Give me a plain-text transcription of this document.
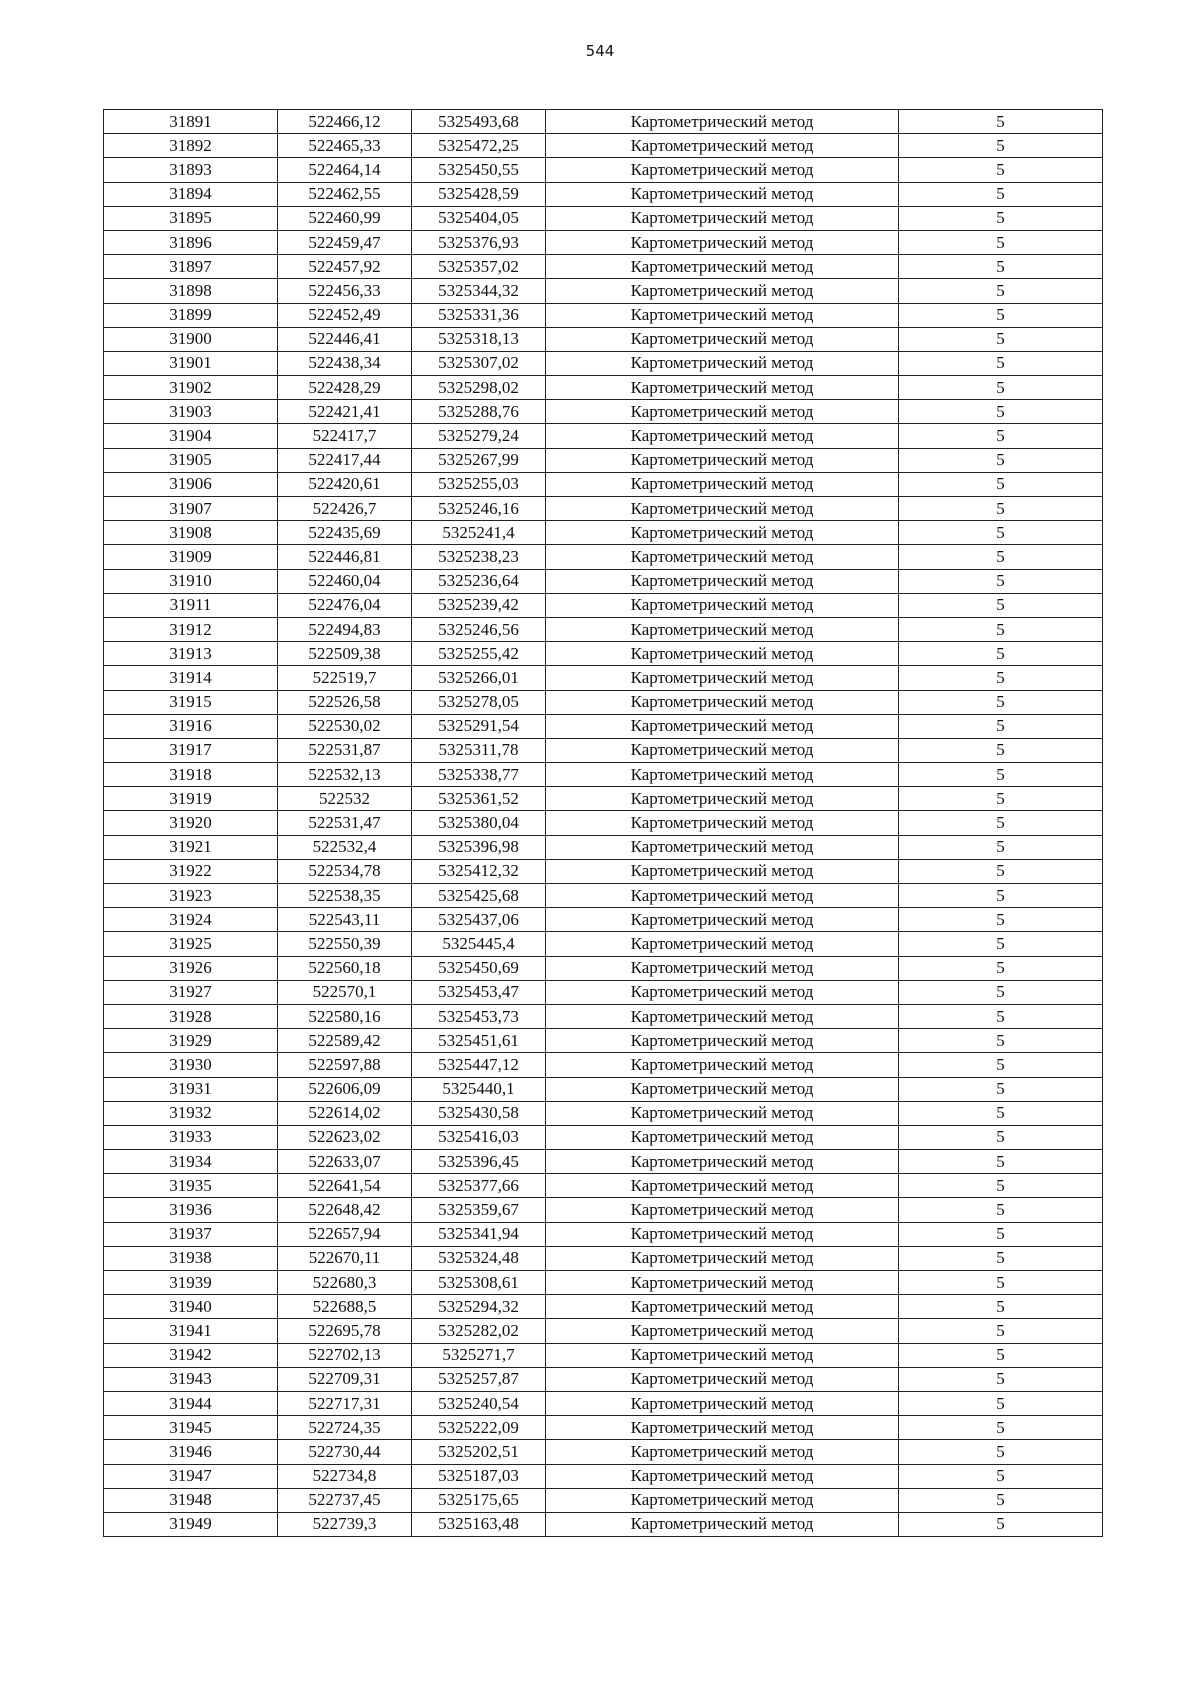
544
31891	522466,12	5325493,68	Картометрический метод	5
31892	522465,33	5325472,25	Картометрический метод	5
31893	522464,14	5325450,55	Картометрический метод	5
31894	522462,55	5325428,59	Картометрический метод	5
31895	522460,99	5325404,05	Картометрический метод	5
31896	522459,47	5325376,93	Картометрический метод	5
31897	522457,92	5325357,02	Картометрический метод	5
31898	522456,33	5325344,32	Картометрический метод	5
31899	522452,49	5325331,36	Картометрический метод	5
31900	522446,41	5325318,13	Картометрический метод	5
31901	522438,34	5325307,02	Картометрический метод	5
31902	522428,29	5325298,02	Картометрический метод	5
31903	522421,41	5325288,76	Картометрический метод	5
31904	522417,7	5325279,24	Картометрический метод	5
31905	522417,44	5325267,99	Картометрический метод	5
31906	522420,61	5325255,03	Картометрический метод	5
31907	522426,7	5325246,16	Картометрический метод	5
31908	522435,69	5325241,4	Картометрический метод	5
31909	522446,81	5325238,23	Картометрический метод	5
31910	522460,04	5325236,64	Картометрический метод	5
31911	522476,04	5325239,42	Картометрический метод	5
31912	522494,83	5325246,56	Картометрический метод	5
31913	522509,38	5325255,42	Картометрический метод	5
31914	522519,7	5325266,01	Картометрический метод	5
31915	522526,58	5325278,05	Картометрический метод	5
31916	522530,02	5325291,54	Картометрический метод	5
31917	522531,87	5325311,78	Картометрический метод	5
31918	522532,13	5325338,77	Картометрический метод	5
31919	522532	5325361,52	Картометрический метод	5
31920	522531,47	5325380,04	Картометрический метод	5
31921	522532,4	5325396,98	Картометрический метод	5
31922	522534,78	5325412,32	Картометрический метод	5
31923	522538,35	5325425,68	Картометрический метод	5
31924	522543,11	5325437,06	Картометрический метод	5
31925	522550,39	5325445,4	Картометрический метод	5
31926	522560,18	5325450,69	Картометрический метод	5
31927	522570,1	5325453,47	Картометрический метод	5
31928	522580,16	5325453,73	Картометрический метод	5
31929	522589,42	5325451,61	Картометрический метод	5
31930	522597,88	5325447,12	Картометрический метод	5
31931	522606,09	5325440,1	Картометрический метод	5
31932	522614,02	5325430,58	Картометрический метод	5
31933	522623,02	5325416,03	Картометрический метод	5
31934	522633,07	5325396,45	Картометрический метод	5
31935	522641,54	5325377,66	Картометрический метод	5
31936	522648,42	5325359,67	Картометрический метод	5
31937	522657,94	5325341,94	Картометрический метод	5
31938	522670,11	5325324,48	Картометрический метод	5
31939	522680,3	5325308,61	Картометрический метод	5
31940	522688,5	5325294,32	Картометрический метод	5
31941	522695,78	5325282,02	Картометрический метод	5
31942	522702,13	5325271,7	Картометрический метод	5
31943	522709,31	5325257,87	Картометрический метод	5
31944	522717,31	5325240,54	Картометрический метод	5
31945	522724,35	5325222,09	Картометрический метод	5
31946	522730,44	5325202,51	Картометрический метод	5
31947	522734,8	5325187,03	Картометрический метод	5
31948	522737,45	5325175,65	Картометрический метод	5
31949	522739,3	5325163,48	Картометрический метод	5
